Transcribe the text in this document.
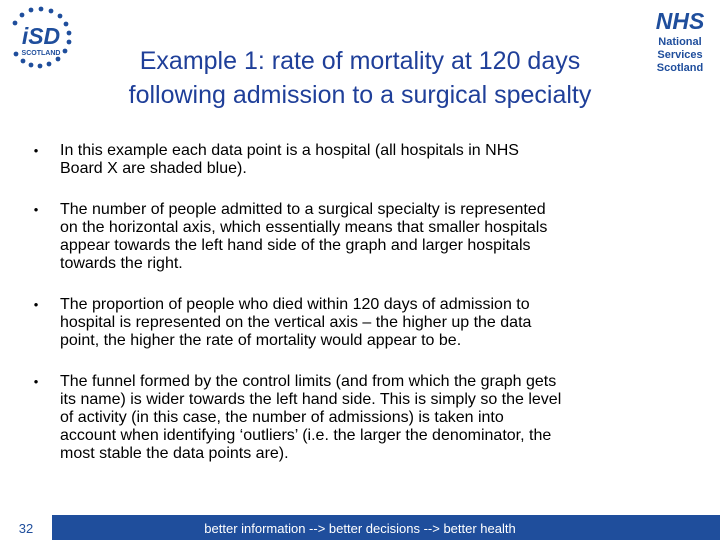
iSD
SCOTLAND
NHS
National
Services
Scotland
Example 1: rate of mortality at 120 days
following admission to a surgical specialty
• In this example each data point is a hospital (all hospitals in NHS
Board X are shaded blue).
• The number of people admitted to a surgical specialty is represented
on the horizontal axis, which essentially means that smaller hospitals
appear towards the left hand side of the graph and larger hospitals
towards the right.
• The proportion of people who died within 120 days of admission to
hospital is represented on the vertical axis – the higher up the data
point, the higher the rate of mortality would appear to be.
• The funnel formed by the control limits (and from which the graph gets
its name) is wider towards the left hand side. This is simply so the level
of activity (in this case, the number of admissions) is taken into
account when identifying ‘outliers’ (i.e. the larger the denominator, the
most stable the data points are).
32	better information --> better decisions --> better health
